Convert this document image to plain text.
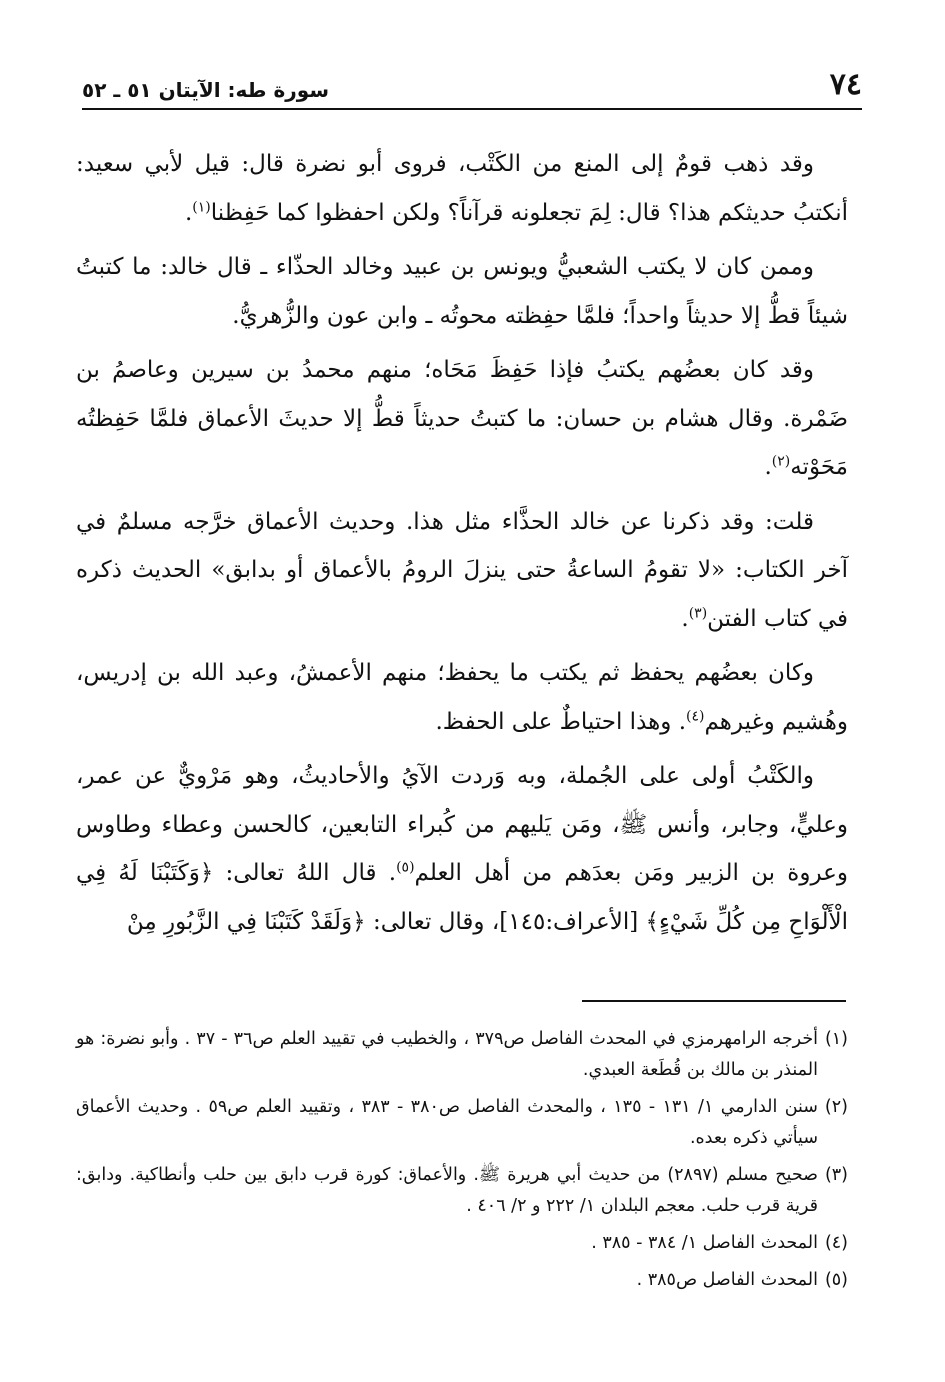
سورة طه: الآيتان ٥١ ـ ٥٢	٧٤

وقد ذهب قومٌ إلى المنع من الكَتْب، فروى أبو نضرة قال: قيل لأبي سعيد: أنكتبُ حديثكم هذا؟ قال: لِمَ تجعلونه قرآناً؟ ولكن احفظوا كما حَفِظنا$^{(١)}$.

وممن كان لا يكتب الشعبيُّ ويونس بن عبيد وخالد الحذّاء ـ قال خالد: ما كتبتُ شيئاً قطُّ إلا حديثاً واحداً؛ فلمَّا حفِظته محوتُه ـ وابن عون والزُّهريُّ.

وقد كان بعضُهم يكتبُ فإذا حَفِظَ مَحَاه؛ منهم محمدُ بن سيرين وعاصمُ بن ضَمْرة. وقال هشام بن حسان: ما كتبتُ حديثاً قطُّ إلا حديثَ الأعماق فلمَّا حَفِظتُه مَحَوْته$^{(٢)}$.

قلت: وقد ذكرنا عن خالد الحذَّاء مثل هذا. وحديث الأعماق خرَّجه مسلمٌ في آخر الكتاب: «لا تقومُ الساعةُ حتى ينزلَ الرومُ بالأعماق أو بدابق» الحديث ذكره في كتاب الفتن$^{(٣)}$.

وكان بعضُهم يحفظ ثم يكتب ما يحفظ؛ منهم الأعمشُ، وعبد الله بن إدريس، وهُشيم وغيرهم$^{(٤)}$. وهذا احتياطٌ على الحفظ.

والكَتْبُ أولى على الجُملة، وبه وَردت الآيُ والأحاديثُ، وهو مَرْويٌّ عن عمر، وعليٍّ، وجابر، وأنس ﷺ، ومَن يَليهم من كُبراء التابعين، كالحسن وعطاء وطاوس وعروة بن الزبير ومَن بعدَهم من أهل العلم$^{(٥)}$. قال اللهُ تعالى: ﴿وَكَتَبْنَا لَهُ فِي الْأَلْوَاحِ مِن كُلِّ شَيْءٍ﴾ [الأعراف:١٤٥]، وقال تعالى: ﴿وَلَقَدْ كَتَبْنَا فِي الزَّبُورِ مِنْ

(١)أخرجه الرامهرمزي في المحدث الفاصل ص٣٧٩ ، والخطيب في تقييد العلم ص٣٦ - ٣٧ . وأبو نضرة: هو المنذر بن مالك بن قُطَعة العبدي.
(٢)سنن الدارمي ١/ ١٣١ - ١٣٥ ، والمحدث الفاصل ص٣٨٠ - ٣٨٣ ، وتقييد العلم ص٥٩ . وحديث الأعماق سيأتي ذكره بعده.
(٣)صحيح مسلم (٢٨٩٧) من حديث أبي هريرة ﷺ. والأعماق: كورة قرب دابق بين حلب وأنطاكية. ودابق: قرية قرب حلب. معجم البلدان ١/ ٢٢٢ و ٢/ ٤٠٦ .
(٤)المحدث الفاصل ١/ ٣٨٤ - ٣٨٥ .
(٥)المحدث الفاصل ص٣٨٥ .
